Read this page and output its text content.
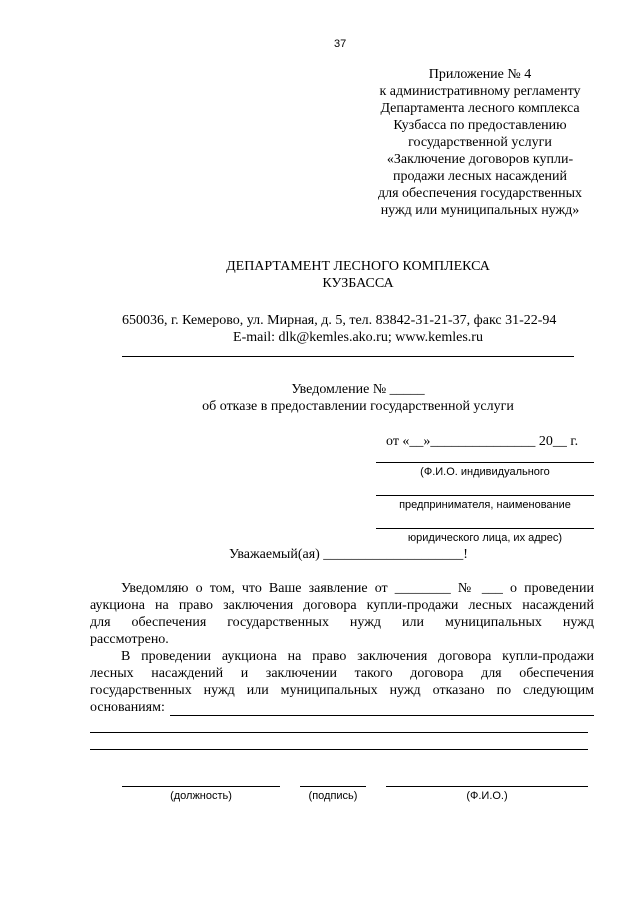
37
Приложение № 4
к административному регламенту
Департамента лесного комплекса
Кузбасса по предоставлению
государственной услуги
«Заключение договоров купли-
продажи лесных насаждений
для обеспечения государственных
нужд или муниципальных нужд»
ДЕПАРТАМЕНТ ЛЕСНОГО КОМПЛЕКСА
КУЗБАССА
650036, г. Кемерово, ул. Мирная, д. 5, тел. 83842-31-21-37, факс 31-22-94
E-mail: dlk@kemles.ako.ru; www.kemles.ru
Уведомление № _____
об отказе в предоставлении государственной услуги
от «__»_______________ 20__ г.
(Ф.И.О. индивидуального
предпринимателя, наименование
юридического лица, их адрес)
Уважаемый(ая) ____________________!
Уведомляю о том, что Ваше заявление от ________ № ___ о проведении
аукциона на право заключения договора купли-продажи лесных насаждений
для обеспечения государственных нужд или муниципальных нужд
рассмотрено.
В проведении аукциона на право заключения договора купли-продажи
лесных насаждений и заключении такого договора для обеспечения
государственных нужд или муниципальных нужд отказано по следующим
основаниям:
(должность)	(подпись)	(Ф.И.О.)
